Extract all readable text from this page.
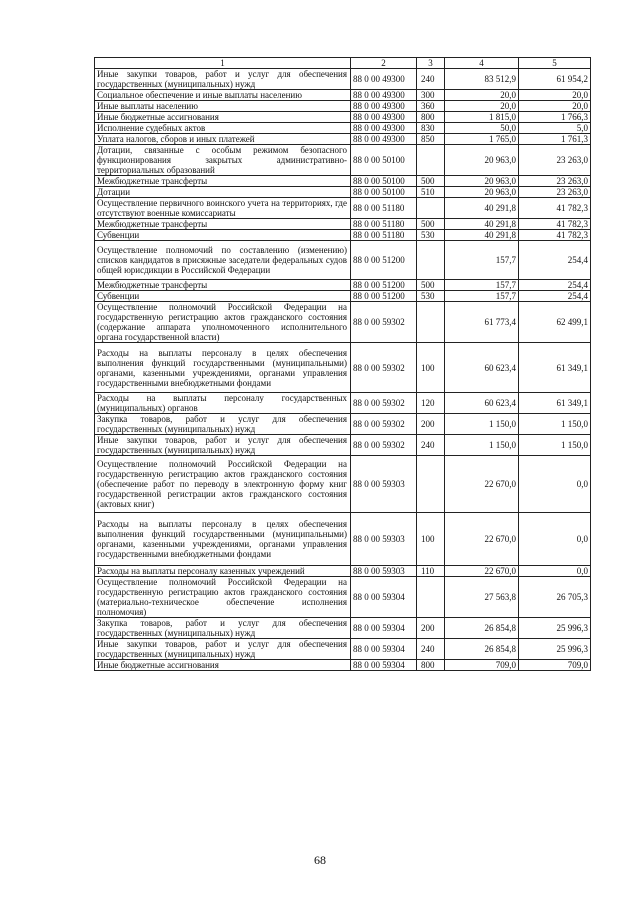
1	2	3	4	5
Иные закупки товаров, работ и услуг для обеспечения государственных (муниципальных) нужд	88 0 00 49300	240	83 512,9	61 954,2
Социальное обеспечение и иные выплаты населению	88 0 00 49300	300	20,0	20,0
Иные выплаты населению	88 0 00 49300	360	20,0	20,0
Иные бюджетные ассигнования	88 0 00 49300	800	1 815,0	1 766,3
Исполнение судебных актов	88 0 00 49300	830	50,0	5,0
Уплата налогов, сборов и иных платежей	88 0 00 49300	850	1 765,0	1 761,3
Дотации, связанные с особым режимом безопасного функционирования закрытых административно-территориальных образований	88 0 00 50100		20 963,0	23 263,0
Межбюджетные трансферты	88 0 00 50100	500	20 963,0	23 263,0
Дотации	88 0 00 50100	510	20 963,0	23 263,0
Осуществление первичного воинского учета на территориях, где отсутствуют военные комиссариаты	88 0 00 51180		40 291,8	41 782,3
Межбюджетные трансферты	88 0 00 51180	500	40 291,8	41 782,3
Субвенции	88 0 00 51180	530	40 291,8	41 782,3
Осуществление полномочий по составлению (изменению) списков кандидатов в присяжные заседатели федеральных судов общей юрисдикции в Российской Федерации	88 0 00 51200		157,7	254,4
Межбюджетные трансферты	88 0 00 51200	500	157,7	254,4
Субвенции	88 0 00 51200	530	157,7	254,4
Осуществление полномочий Российской Федерации на государственную регистрацию актов гражданского состояния (содержание аппарата уполномоченного исполнительного органа государственной власти)	88 0 00 59302		61 773,4	62 499,1
Расходы на выплаты персоналу в целях обеспечения выполнения функций государственными (муниципальными) органами, казенными учреждениями, органами управления государственными внебюджетными фондами	88 0 00 59302	100	60 623,4	61 349,1
Расходы на выплаты персоналу государственных (муниципальных) органов	88 0 00 59302	120	60 623,4	61 349,1
Закупка товаров, работ и услуг для обеспечения государственных (муниципальных) нужд	88 0 00 59302	200	1 150,0	1 150,0
Иные закупки товаров, работ и услуг для обеспечения государственных (муниципальных) нужд	88 0 00 59302	240	1 150,0	1 150,0
Осуществление полномочий Российской Федерации на государственную регистрацию актов гражданского состояния (обеспечение работ по переводу в электронную форму книг государственной регистрации актов гражданского состояния (актовых книг)	88 0 00 59303		22 670,0	0,0
Расходы на выплаты персоналу в целях обеспечения выполнения функций государственными (муниципальными) органами, казенными учреждениями, органами управления государственными внебюджетными фондами	88 0 00 59303	100	22 670,0	0,0
Расходы на выплаты персоналу казенных учреждений	88 0 00 59303	110	22 670,0	0,0
Осуществление полномочий Российской Федерации на государственную регистрацию актов гражданского состояния (материально-техническое обеспечение исполнения полномочия)	88 0 00 59304		27 563,8	26 705,3
Закупка товаров, работ и услуг для обеспечения государственных (муниципальных) нужд	88 0 00 59304	200	26 854,8	25 996,3
Иные закупки товаров, работ и услуг для обеспечения государственных (муниципальных) нужд	88 0 00 59304	240	26 854,8	25 996,3
Иные бюджетные ассигнования	88 0 00 59304	800	709,0	709,0
68
